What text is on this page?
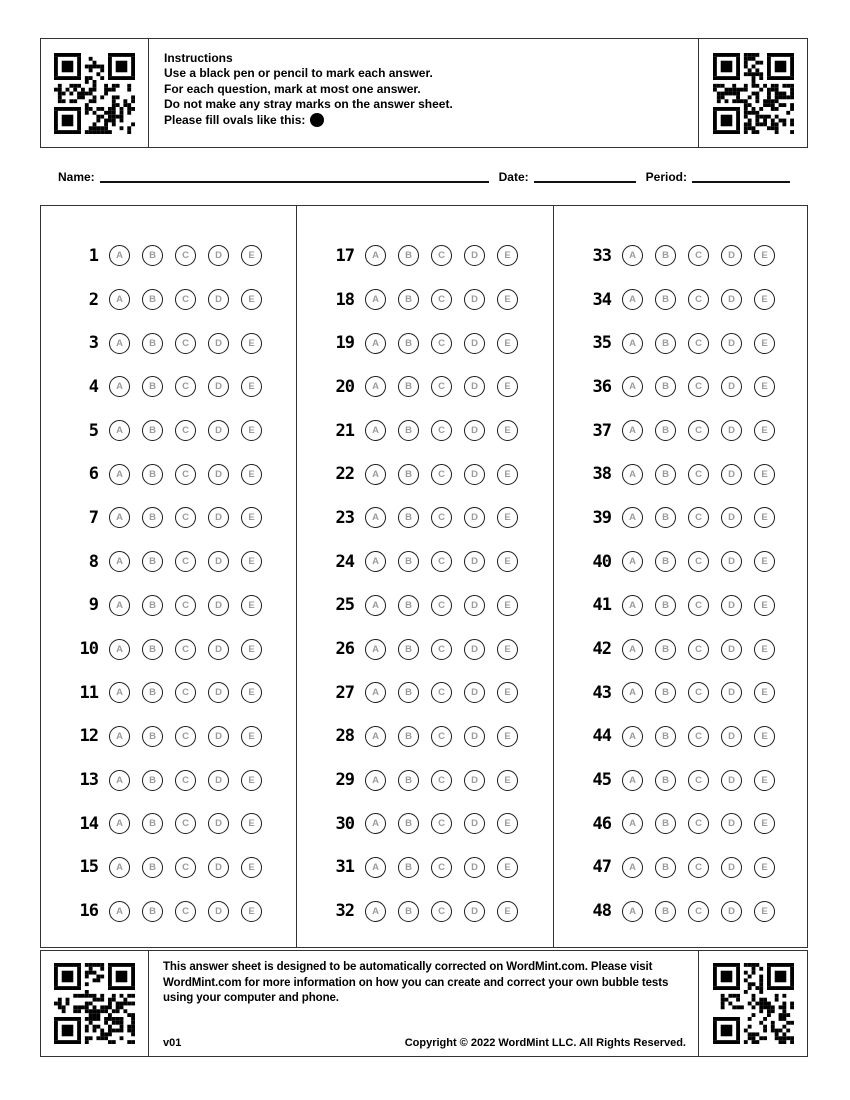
Instructions
Use a black pen or pencil to mark each answer.
For each question, mark at most one answer.
Do not make any stray marks on the answer sheet.
Please fill ovals like this:
Name:	Date:	Period:
1	A	B	C	D	E
2	A	B	C	D	E
3	A	B	C	D	E
4	A	B	C	D	E
5	A	B	C	D	E
6	A	B	C	D	E
7	A	B	C	D	E
8	A	B	C	D	E
9	A	B	C	D	E
10	A	B	C	D	E
11	A	B	C	D	E
12	A	B	C	D	E
13	A	B	C	D	E
14	A	B	C	D	E
15	A	B	C	D	E
16	A	B	C	D	E
17	A	B	C	D	E
18	A	B	C	D	E
19	A	B	C	D	E
20	A	B	C	D	E
21	A	B	C	D	E
22	A	B	C	D	E
23	A	B	C	D	E
24	A	B	C	D	E
25	A	B	C	D	E
26	A	B	C	D	E
27	A	B	C	D	E
28	A	B	C	D	E
29	A	B	C	D	E
30	A	B	C	D	E
31	A	B	C	D	E
32	A	B	C	D	E
33	A	B	C	D	E
34	A	B	C	D	E
35	A	B	C	D	E
36	A	B	C	D	E
37	A	B	C	D	E
38	A	B	C	D	E
39	A	B	C	D	E
40	A	B	C	D	E
41	A	B	C	D	E
42	A	B	C	D	E
43	A	B	C	D	E
44	A	B	C	D	E
45	A	B	C	D	E
46	A	B	C	D	E
47	A	B	C	D	E
48	A	B	C	D	E
This answer sheet is designed to be automatically corrected on WordMint.com. Please visit WordMint.com for more information on how you can create and correct your own bubble tests using your computer and phone.
v01	Copyright © 2022 WordMint LLC. All Rights Reserved.
